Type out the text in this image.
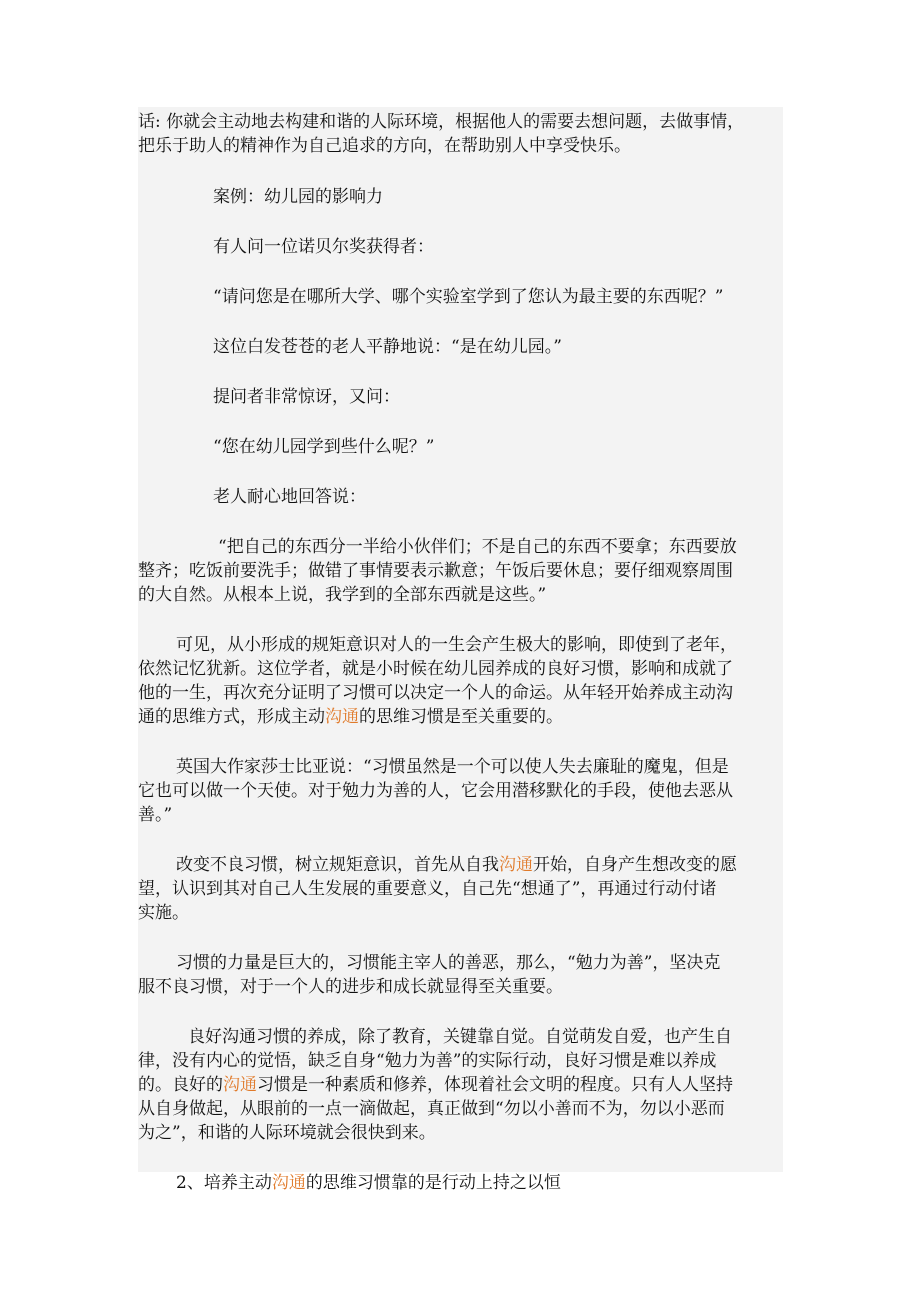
话: 你就会主动地去构建和谐的人际环境，根据他人的需要去想问题，去做事情，

把乐于助人的精神作为自己追求的方向，在帮助别人中享受快乐。

案例：幼儿园的影响力

有人问一位诺贝尔奖获得者：

“请问您是在哪所大学、哪个实验室学到了您认为最主要的东西呢？”

这位白发苍苍的老人平静地说：“是在幼儿园。”

提问者非常惊讶，又问：

“您在幼儿园学到些什么呢？”

老人耐心地回答说：

“把自己的东西分一半给小伙伴们；不是自己的东西不要拿；东西要放

整齐；吃饭前要洗手；做错了事情要表示歉意；午饭后要休息；要仔细观察周围

的大自然。从根本上说，我学到的全部东西就是这些。”

可见，从小形成的规矩意识对人的一生会产生极大的影响，即使到了老年，

依然记忆犹新。这位学者，就是小时候在幼儿园养成的良好习惯，影响和成就了

他的一生，再次充分证明了习惯可以决定一个人的命运。从年轻开始养成主动沟

通的思维方式，形成主动沟通的思维习惯是至关重要的。

英国大作家莎士比亚说：“习惯虽然是一个可以使人失去廉耻的魔鬼，但是

它也可以做一个天使。对于勉力为善的人，它会用潜移默化的手段，使他去恶从

善。”

改变不良习惯，树立规矩意识，首先从自我沟通开始，自身产生想改变的愿

望，认识到其对自己人生发展的重要意义，自己先“想通了”，再通过行动付诸

实施。

习惯的力量是巨大的，习惯能主宰人的善恶，那么，“勉力为善”，坚决克

服不良习惯，对于一个人的进步和成长就显得至关重要。

良好沟通习惯的养成，除了教育，关键靠自觉。自觉萌发自爱，也产生自

律，没有内心的觉悟，缺乏自身“勉力为善”的实际行动，良好习惯是难以养成

的。良好的沟通习惯是一种素质和修养，体现着社会文明的程度。只有人人坚持

从自身做起，从眼前的一点一滴做起，真正做到“勿以小善而不为，勿以小恶而

为之”，和谐的人际环境就会很快到来。

2、培养主动沟通的思维习惯靠的是行动上持之以恒
